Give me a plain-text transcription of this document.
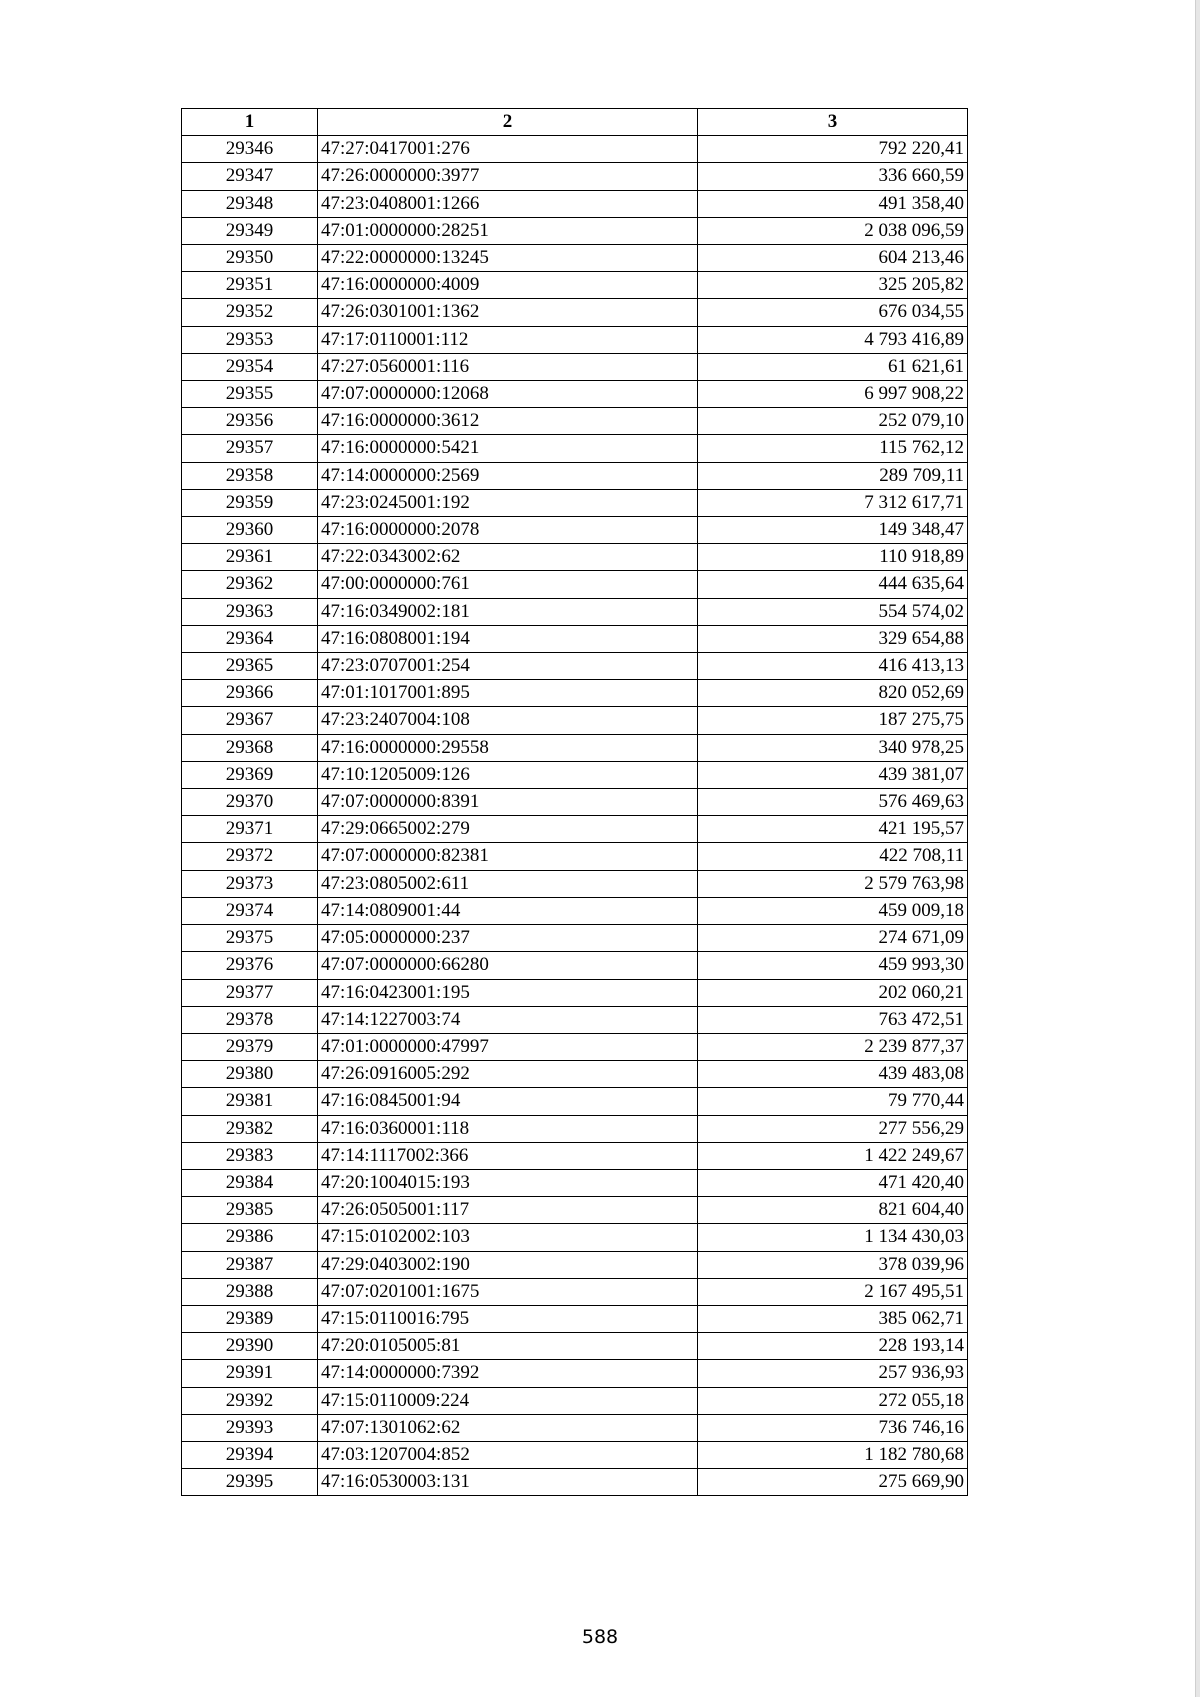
1	2	3
29346	47:27:0417001:276	792 220,41
29347	47:26:0000000:3977	336 660,59
29348	47:23:0408001:1266	491 358,40
29349	47:01:0000000:28251	2 038 096,59
29350	47:22:0000000:13245	604 213,46
29351	47:16:0000000:4009	325 205,82
29352	47:26:0301001:1362	676 034,55
29353	47:17:0110001:112	4 793 416,89
29354	47:27:0560001:116	61 621,61
29355	47:07:0000000:12068	6 997 908,22
29356	47:16:0000000:3612	252 079,10
29357	47:16:0000000:5421	115 762,12
29358	47:14:0000000:2569	289 709,11
29359	47:23:0245001:192	7 312 617,71
29360	47:16:0000000:2078	149 348,47
29361	47:22:0343002:62	110 918,89
29362	47:00:0000000:761	444 635,64
29363	47:16:0349002:181	554 574,02
29364	47:16:0808001:194	329 654,88
29365	47:23:0707001:254	416 413,13
29366	47:01:1017001:895	820 052,69
29367	47:23:2407004:108	187 275,75
29368	47:16:0000000:29558	340 978,25
29369	47:10:1205009:126	439 381,07
29370	47:07:0000000:8391	576 469,63
29371	47:29:0665002:279	421 195,57
29372	47:07:0000000:82381	422 708,11
29373	47:23:0805002:611	2 579 763,98
29374	47:14:0809001:44	459 009,18
29375	47:05:0000000:237	274 671,09
29376	47:07:0000000:66280	459 993,30
29377	47:16:0423001:195	202 060,21
29378	47:14:1227003:74	763 472,51
29379	47:01:0000000:47997	2 239 877,37
29380	47:26:0916005:292	439 483,08
29381	47:16:0845001:94	79 770,44
29382	47:16:0360001:118	277 556,29
29383	47:14:1117002:366	1 422 249,67
29384	47:20:1004015:193	471 420,40
29385	47:26:0505001:117	821 604,40
29386	47:15:0102002:103	1 134 430,03
29387	47:29:0403002:190	378 039,96
29388	47:07:0201001:1675	2 167 495,51
29389	47:15:0110016:795	385 062,71
29390	47:20:0105005:81	228 193,14
29391	47:14:0000000:7392	257 936,93
29392	47:15:0110009:224	272 055,18
29393	47:07:1301062:62	736 746,16
29394	47:03:1207004:852	1 182 780,68
29395	47:16:0530003:131	275 669,90
588
